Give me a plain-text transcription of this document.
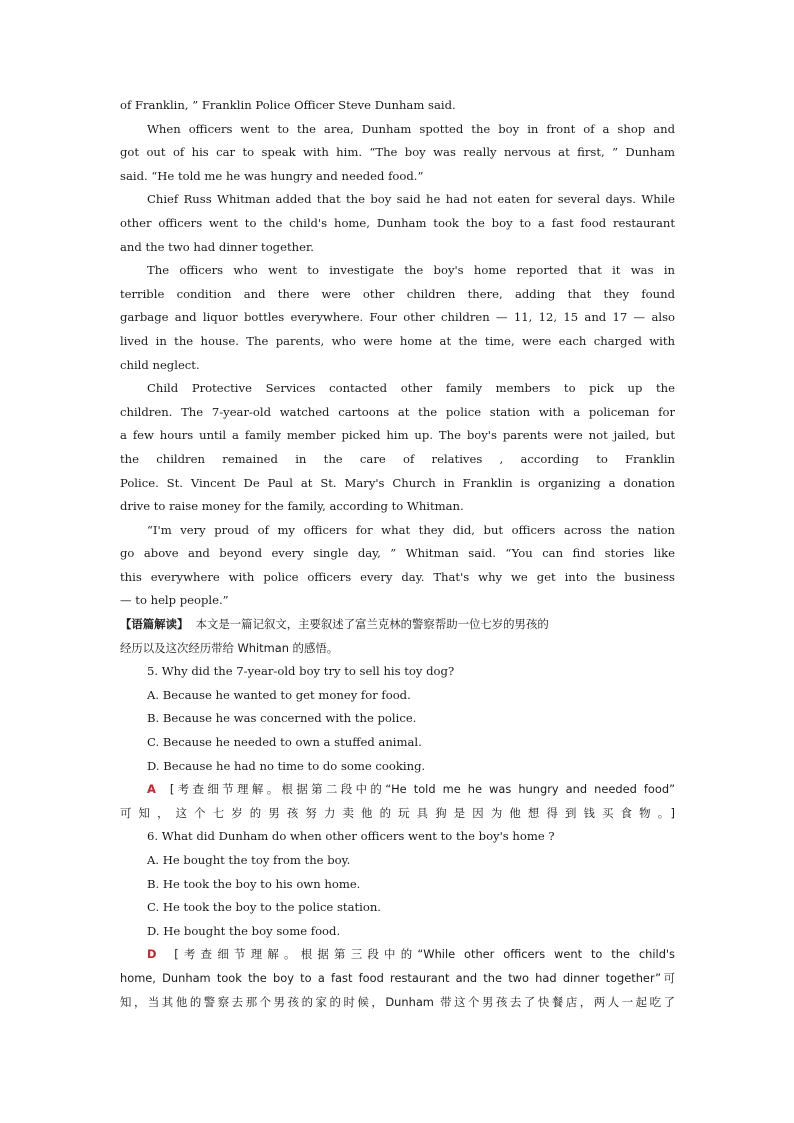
of Franklin, ” Franklin Police Officer Steve Dunham said.
When officers went to the area, Dunham spotted the boy in front of a shop and
got out of his car to speak with him. “The boy was really nervous at first, ” Dunham
said. “He told me he was hungry and needed food.”
Chief Russ Whitman added that the boy said he had not eaten for several days. While
other officers went to the child's home, Dunham took the boy to a fast food restaurant
and the two had dinner together.
The officers who went to investigate the boy's home reported that it was in
terrible condition and there were other children there, adding that they found
garbage and liquor bottles everywhere. Four other children — 11, 12, 15 and 17 — also
lived in the house. The parents, who were home at the time, were each charged with
child neglect.
Child Protective Services contacted other family members to pick up the
children. The 7-year-old watched cartoons at the police station with a policeman for
a few hours until a family member picked him up. The boy's parents were not jailed, but
the children remained in the care of relatives , according to Franklin
Police. St. Vincent De Paul at St. Mary's Church in Franklin is organizing a donation
drive to raise money for the family, according to Whitman.
“I'm very proud of my officers for what they did, but officers across the nation
go above and beyond every single day, ” Whitman said. “You can find stories like
this everywhere with police officers every day. That's why we get into the business
— to help people.”
【语篇解读】 本文是一篇记叙文，主要叙述了富兰克林的警察帮助一位七岁的男孩的
经历以及这次经历带给 Whitman 的感悟。
5. Why did the 7-year-old boy try to sell his toy dog?
A. Because he wanted to get money for food.
B. Because he was concerned with the police.
C. Because he needed to own a stuffed animal.
D. Because he had no time to do some cooking.
A [考查细节理解。根据第二段中的“He told me he was hungry and needed food”
可知，这个七岁的男孩努力卖他的玩具狗是因为他想得到钱买食物。]
6. What did Dunham do when other officers went to the boy's home ?
A. He bought the toy from the boy.
B. He took the boy to his own home.
C. He took the boy to the police station.
D. He bought the boy some food.
D [考查细节理解。根据第三段中的“While other officers went to the child's
home, Dunham took the boy to a fast food restaurant and the two had dinner together”可
知，当其他的警察去那个男孩的家的时候，Dunham 带这个男孩去了快餐店，两人一起吃了
